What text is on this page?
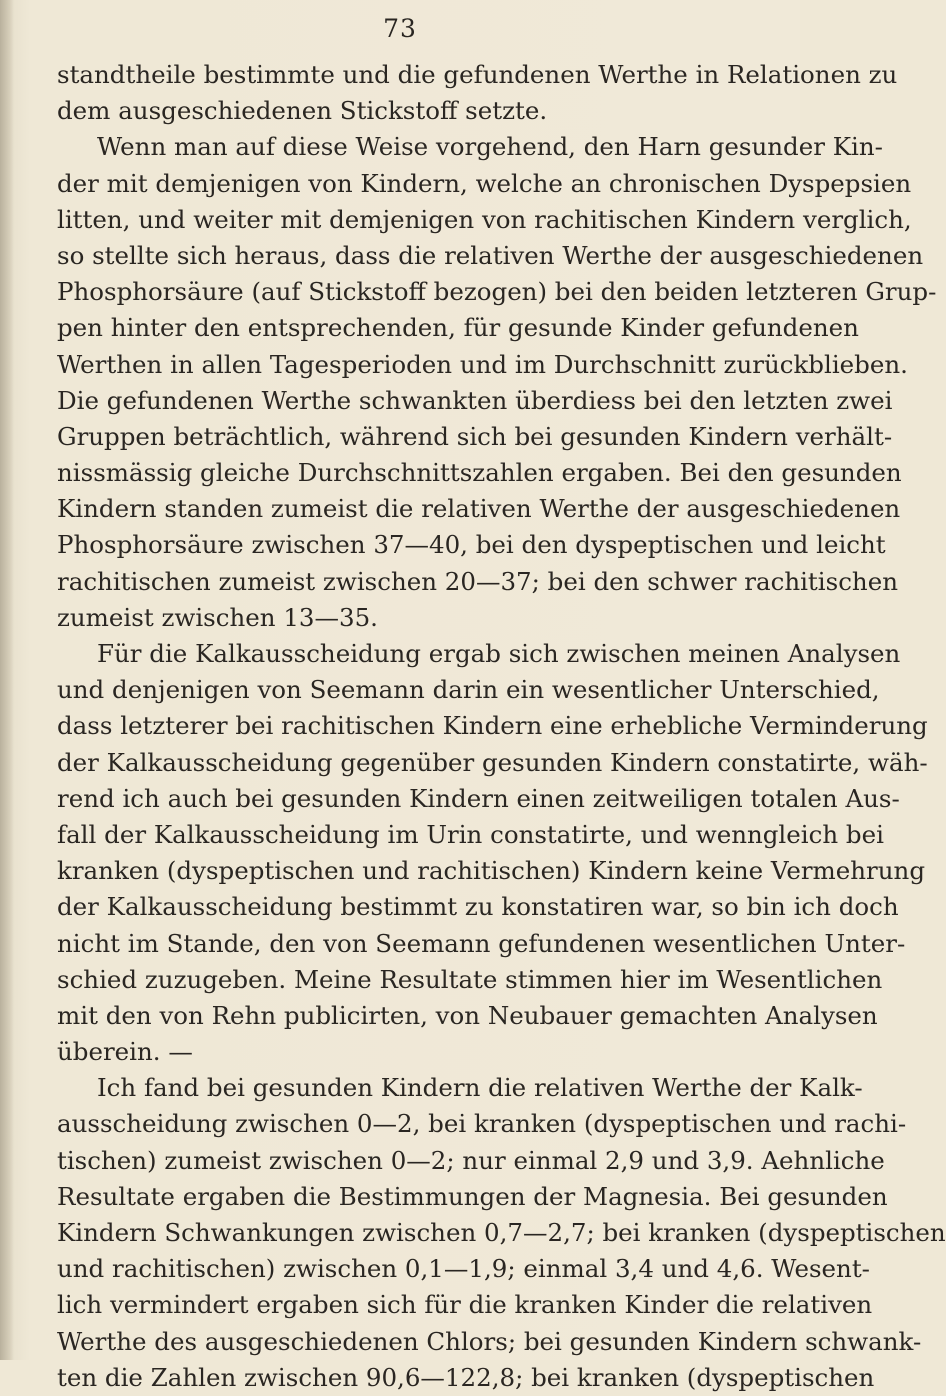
73
standtheile bestimmte und die gefundenen Werthe in Relationen zu
dem ausgeschiedenen Stickstoff setzte.
Wenn man auf diese Weise vorgehend, den Harn gesunder Kin-
der mit demjenigen von Kindern, welche an chronischen Dyspepsien
litten, und weiter mit demjenigen von rachitischen Kindern verglich,
so stellte sich heraus, dass die relativen Werthe der ausgeschiedenen
Phosphorsäure (auf Stickstoff bezogen) bei den beiden letzteren Grup-
pen hinter den entsprechenden, für gesunde Kinder gefundenen
Werthen in allen Tagesperioden und im Durchschnitt zurückblieben.
Die gefundenen Werthe schwankten überdiess bei den letzten zwei
Gruppen beträchtlich, während sich bei gesunden Kindern verhält-
nissmässig gleiche Durchschnittszahlen ergaben. Bei den gesunden
Kindern standen zumeist die relativen Werthe der ausgeschiedenen
Phosphorsäure zwischen 37—40, bei den dyspeptischen und leicht
rachitischen zumeist zwischen 20—37; bei den schwer rachitischen
zumeist zwischen 13—35.
Für die Kalkausscheidung ergab sich zwischen meinen Analysen
und denjenigen von Seemann darin ein wesentlicher Unterschied,
dass letzterer bei rachitischen Kindern eine erhebliche Verminderung
der Kalkausscheidung gegenüber gesunden Kindern constatirte, wäh-
rend ich auch bei gesunden Kindern einen zeitweiligen totalen Aus-
fall der Kalkausscheidung im Urin constatirte, und wenngleich bei
kranken (dyspeptischen und rachitischen) Kindern keine Vermehrung
der Kalkausscheidung bestimmt zu konstatiren war, so bin ich doch
nicht im Stande, den von Seemann gefundenen wesentlichen Unter-
schied zuzugeben. Meine Resultate stimmen hier im Wesentlichen
mit den von Rehn publicirten, von Neubauer gemachten Analysen
überein. —
Ich fand bei gesunden Kindern die relativen Werthe der Kalk-
ausscheidung zwischen 0—2, bei kranken (dyspeptischen und rachi-
tischen) zumeist zwischen 0—2; nur einmal 2,9 und 3,9. Aehnliche
Resultate ergaben die Bestimmungen der Magnesia. Bei gesunden
Kindern Schwankungen zwischen 0,7—2,7; bei kranken (dyspeptischen
und rachitischen) zwischen 0,1—1,9; einmal 3,4 und 4,6. Wesent-
lich vermindert ergaben sich für die kranken Kinder die relativen
Werthe des ausgeschiedenen Chlors; bei gesunden Kindern schwank-
ten die Zahlen zwischen 90,6—122,8; bei kranken (dyspeptischen
